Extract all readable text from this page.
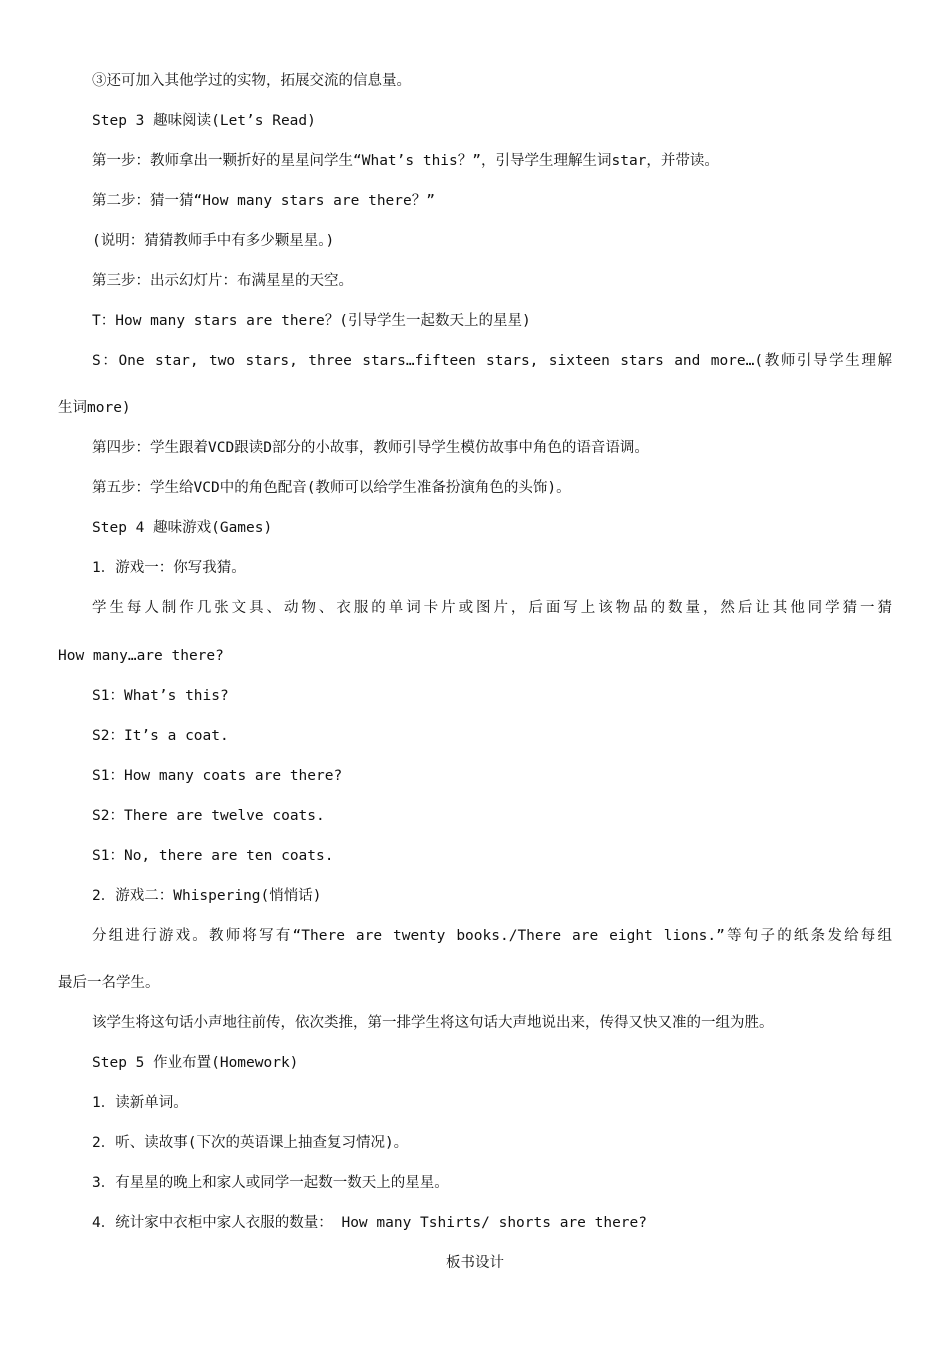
③还可加入其他学过的实物，拓展交流的信息量。
Step 3 趣味阅读(Let’s Read)
第一步：教师拿出一颗折好的星星问学生“What’s this？”，引导学生理解生词star，并带读。
第二步：猜一猜“How many stars are there？”
(说明：猜猜教师手中有多少颗星星。)
第三步：出示幻灯片：布满星星的天空。
T：How many stars are there？(引导学生一起数天上的星星)
S：One star, two stars, three stars…fifteen stars, sixteen stars and more…(教师引导学生理解
生词more)
第四步：学生跟着VCD跟读D部分的小故事，教师引导学生模仿故事中角色的语音语调。
第五步：学生给VCD中的角色配音(教师可以给学生准备扮演角色的头饰)。
Step 4 趣味游戏(Games)
1．游戏一：你写我猜。
学生每人制作几张文具、动物、衣服的单词卡片或图片，后面写上该物品的数量，然后让其他同学猜一猜
How many…are there?
S1：What’s this?
S2：It’s a coat.
S1：How many coats are there?
S2：There are twelve coats.
S1：No, there are ten coats.
2．游戏二：Whispering(悄悄话)
分组进行游戏。教师将写有“There are twenty books./There are eight lions.”等句子的纸条发给每组
最后一名学生。
该学生将这句话小声地往前传，依次类推，第一排学生将这句话大声地说出来，传得又快又准的一组为胜。
Step 5 作业布置(Homework)
1．读新单词。
2．听、读故事(下次的英语课上抽查复习情况)。
3．有星星的晚上和家人或同学一起数一数天上的星星。
4．统计家中衣柜中家人衣服的数量： How many Tshirts/ shorts are there?
板书设计
